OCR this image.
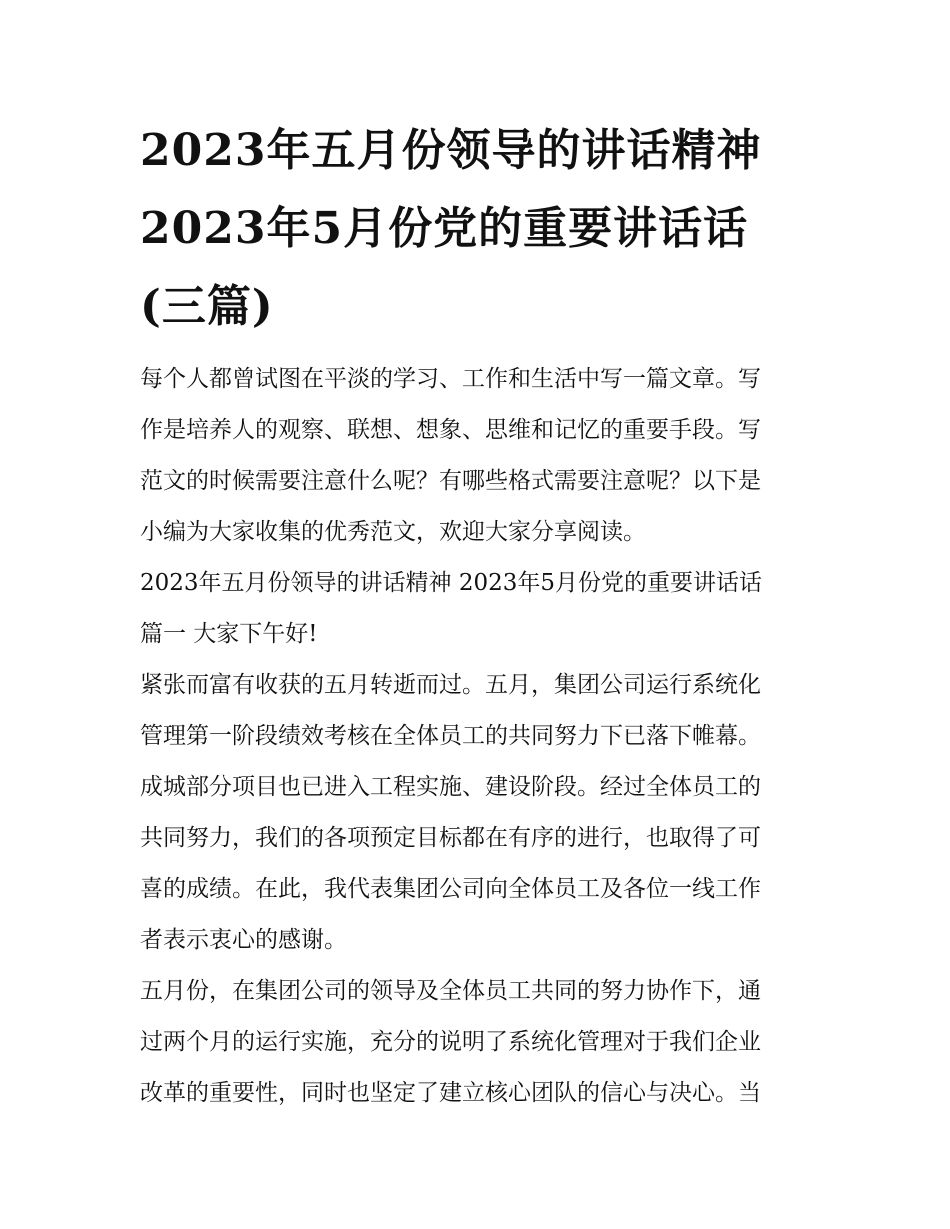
2023年五月份领导的讲话精神
2023年5月份党的重要讲话话
(三篇)

每个人都曾试图在平淡的学习、工作和生活中写一篇文章。写
作是培养人的观察、联想、想象、思维和记忆的重要手段。写
范文的时候需要注意什么呢？有哪些格式需要注意呢？以下是
小编为大家收集的优秀范文，欢迎大家分享阅读。

2023年五月份领导的讲话精神 2023年5月份党的重要讲话话
篇一 大家下午好!

紧张而富有收获的五月转逝而过。五月，集团公司运行系统化
管理第一阶段绩效考核在全体员工的共同努力下已落下帷幕。
成城部分项目也已进入工程实施、建设阶段。经过全体员工的
共同努力，我们的各项预定目标都在有序的进行，也取得了可
喜的成绩。在此，我代表集团公司向全体员工及各位一线工作
者表示衷心的感谢。

五月份，在集团公司的领导及全体员工共同的努力协作下，通
过两个月的运行实施，充分的说明了系统化管理对于我们企业
改革的重要性，同时也坚定了建立核心团队的信心与决心。当
